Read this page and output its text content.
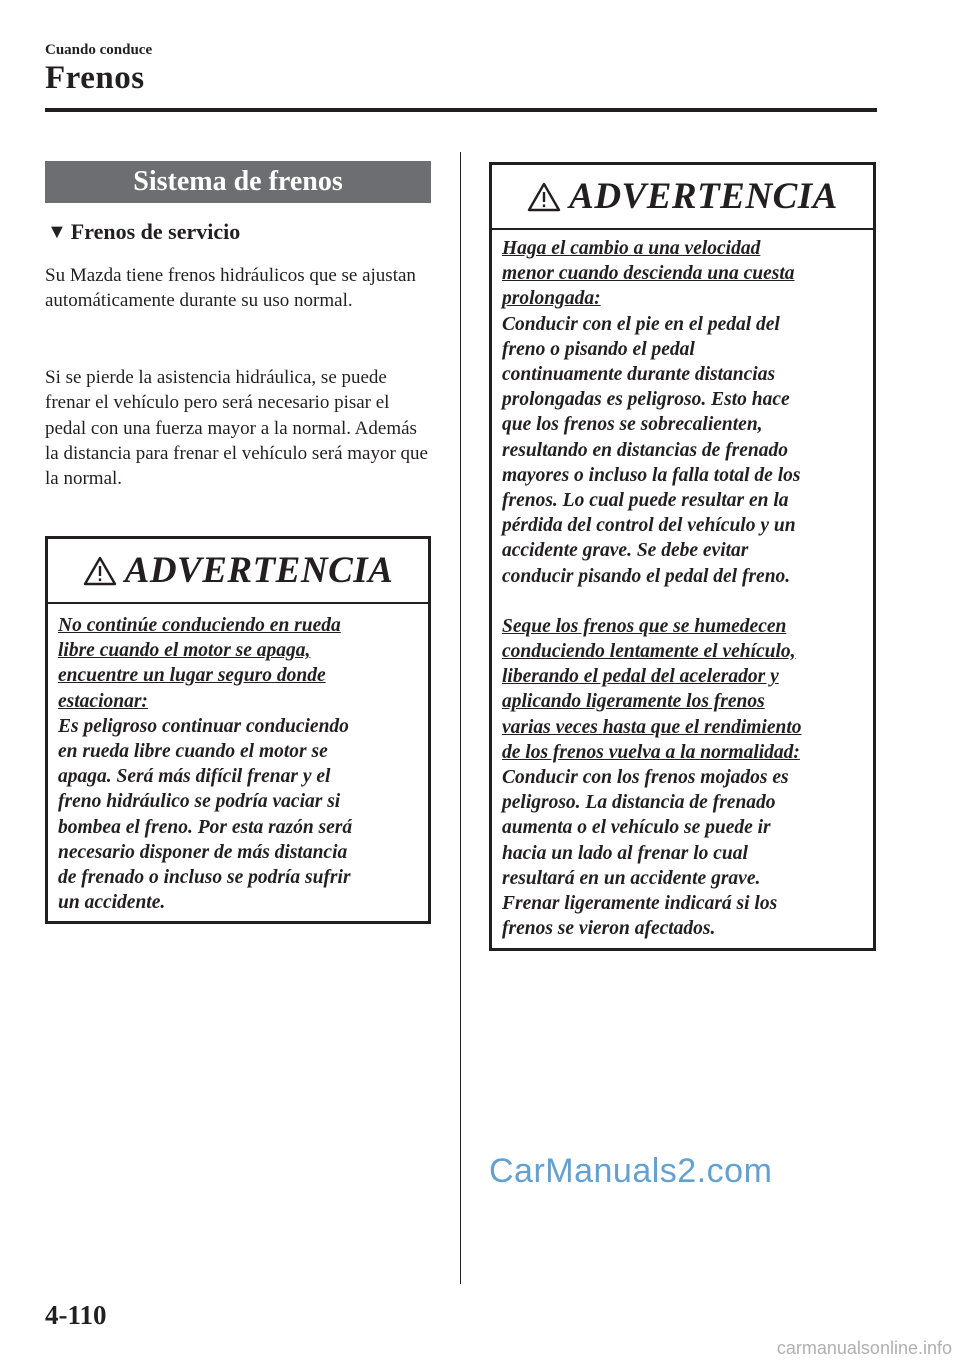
Cuando conduce
Frenos
Sistema de frenos
▼ Frenos de servicio

Su Mazda tiene frenos hidráulicos que se ajustan automáticamente durante su uso normal.

Si se pierde la asistencia hidráulica, se puede frenar el vehículo pero será necesario pisar el pedal con una fuerza mayor a la normal. Además la distancia para frenar el vehículo será mayor que la normal.

ADVERTENCIA
No continúe conduciendo en rueda
libre cuando el motor se apaga,
encuentre un lugar seguro donde
estacionar:
Es peligroso continuar conduciendo
en rueda libre cuando el motor se
apaga. Será más difícil frenar y el
freno hidráulico se podría vaciar si
bombea el freno. Por esta razón será
necesario disponer de más distancia
de frenado o incluso se podría sufrir
un accidente.
ADVERTENCIA
Haga el cambio a una velocidad
menor cuando descienda una cuesta
prolongada:
Conducir con el pie en el pedal del
freno o pisando el pedal
continuamente durante distancias
prolongadas es peligroso. Esto hace
que los frenos se sobrecalienten,
resultando en distancias de frenado
mayores o incluso la falla total de los
frenos. Lo cual puede resultar en la
pérdida del control del vehículo y un
accidente grave. Se debe evitar
conducir pisando el pedal del freno.
Seque los frenos que se humedecen
conduciendo lentamente el vehículo,
liberando el pedal del acelerador y
aplicando ligeramente los frenos
varias veces hasta que el rendimiento
de los frenos vuelva a la normalidad:
Conducir con los frenos mojados es
peligroso. La distancia de frenado
aumenta o el vehículo se puede ir
hacia un lado al frenar lo cual
resultará en un accidente grave.
Frenar ligeramente indicará si los
frenos se vieron afectados.
4-110
CarManuals2.com
carmanualsonline.info
